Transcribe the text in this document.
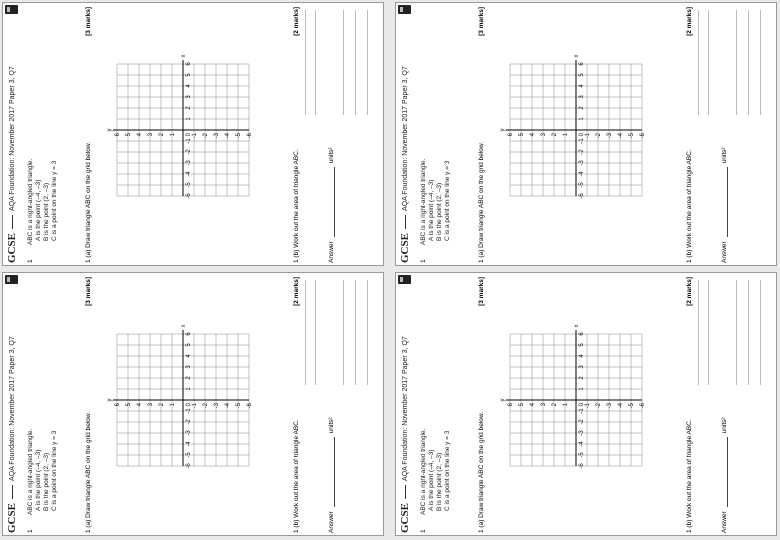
GCSE
AQA Foundation: November 2017 Paper 3, Q7
1
ABC is a right-angled triangle. A is the point (–4, –3) B is the point (2, –3) C is a point on the line y = 3	1 (a) Draw triangle ABC on the grid below.
[3 marks]
-6
-5
-4
-3
-2
-1
1
2
3
4
5
6
-6
-5
-4
-3
-2
-1
1
2
3
4
5
6	0
x
y
1 (b) Work out the area of triangle ABC.
[2 marks]
Answer
units²
GCSE
AQA Foundation: November 2017 Paper 3, Q7
1
ABC is a right-angled triangle. A is the point (–4, –3) B is the point (2, –3) C is a point on the line y = 3	1 (a) Draw triangle ABC on the grid below.
[3 marks]
-6
-5
-4
-3
-2
-1
1
2
3
4
5
6
-6
-5
-4
-3
-2
-1
1
2
3
4
5
6	0
x
y
1 (b) Work out the area of triangle ABC.
[2 marks]
Answer
units²
GCSE
AQA Foundation: November 2017 Paper 3, Q7
1
ABC is a right-angled triangle. A is the point (–4, –3) B is the point (2, –3) C is a point on the line y = 3	1 (a) Draw triangle ABC on the grid below.
[3 marks]
-6
-5
-4
-3
-2
-1
1
2
3
4
5
6
-6
-5
-4
-3
-2
-1
1
2
3
4
5
6	0
x
y
1 (b) Work out the area of triangle ABC.
[2 marks]
Answer
units²
GCSE
AQA Foundation: November 2017 Paper 3, Q7
1
ABC is a right-angled triangle. A is the point (–4, –3) B is the point (2, –3) C is a point on the line y = 3	1 (a) Draw triangle ABC on the grid below.
[3 marks]
-6
-5
-4
-3
-2
-1
1
2
3
4
5
6
-6
-5
-4
-3
-2
-1
1
2
3
4
5
6	0
x
y
1 (b) Work out the area of triangle ABC.
[2 marks]
Answer
units²
